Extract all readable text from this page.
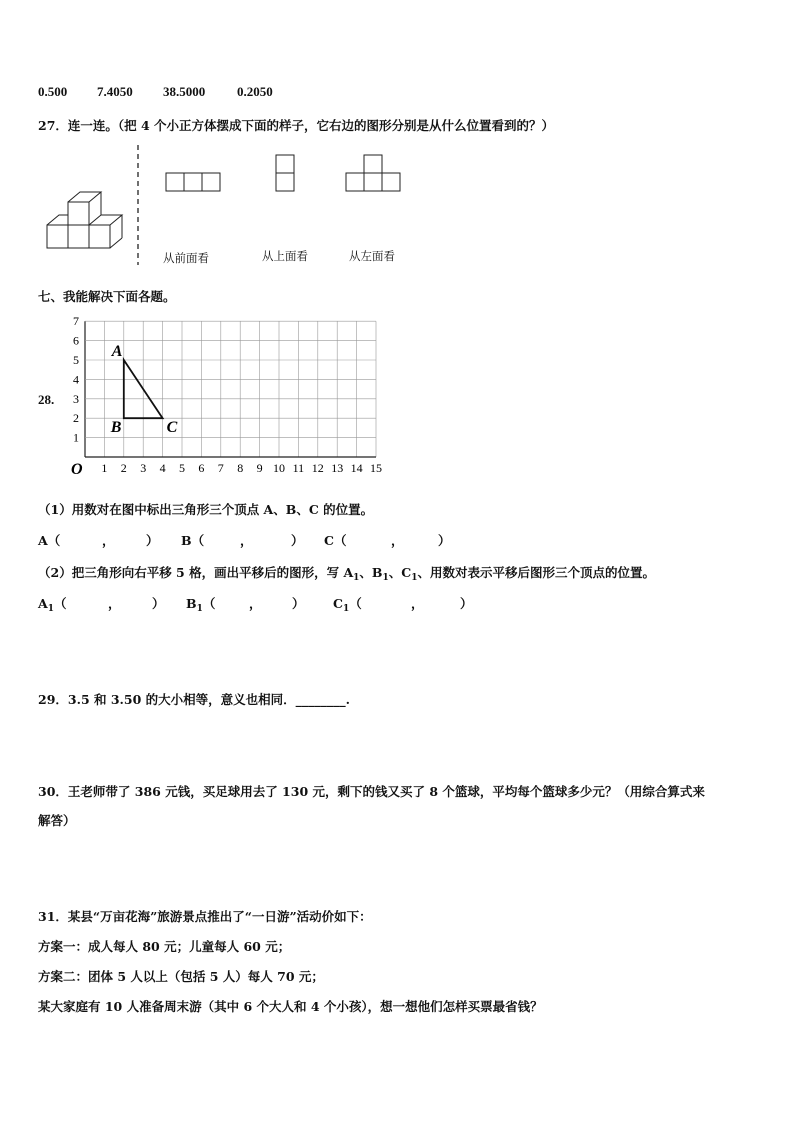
0.500 7.4050 38.5000 0.2050
27．连一连。（把 4 个小正方体摆成下面的样子，它右边的图形分别是从什么位置看到的？）
从前面看	从上面看	从左面看
七、我能解决下面各题。
28.
1 2 3 4 5 6 7 8 9 10 11 12 13 14 15
1
2
3
4
5
6
7
O
A
B	C
（1）用数对在图中标出三角形三个顶点 A、B、C 的位置。
A（	，	） B（	，	） C（	，	）
（2）把三角形向右平移 5 格，画出平移后的图形，写 $A_1$、$B_1$、$C_1$、用数对表示平移后图形三个顶点的位置。
$A_1$（	，	） $B_1$（	， ） $C_1$（	，	）
29．3.5 和 3.50 的大小相等，意义也相同．________.
30．王老师带了 386 元钱，买足球用去了 130 元，剩下的钱又买了 8 个篮球，平均每个篮球多少元？（用综合算式来
解答）
31．某县“万亩花海”旅游景点推出了“一日游”活动价如下：
方案一：成人每人 80 元；儿童每人 60 元；
方案二：团体 5 人以上（包括 5 人）每人 70 元；
某大家庭有 10 人准备周末游（其中 6 个大人和 4 个小孩），想一想他们怎样买票最省钱？
